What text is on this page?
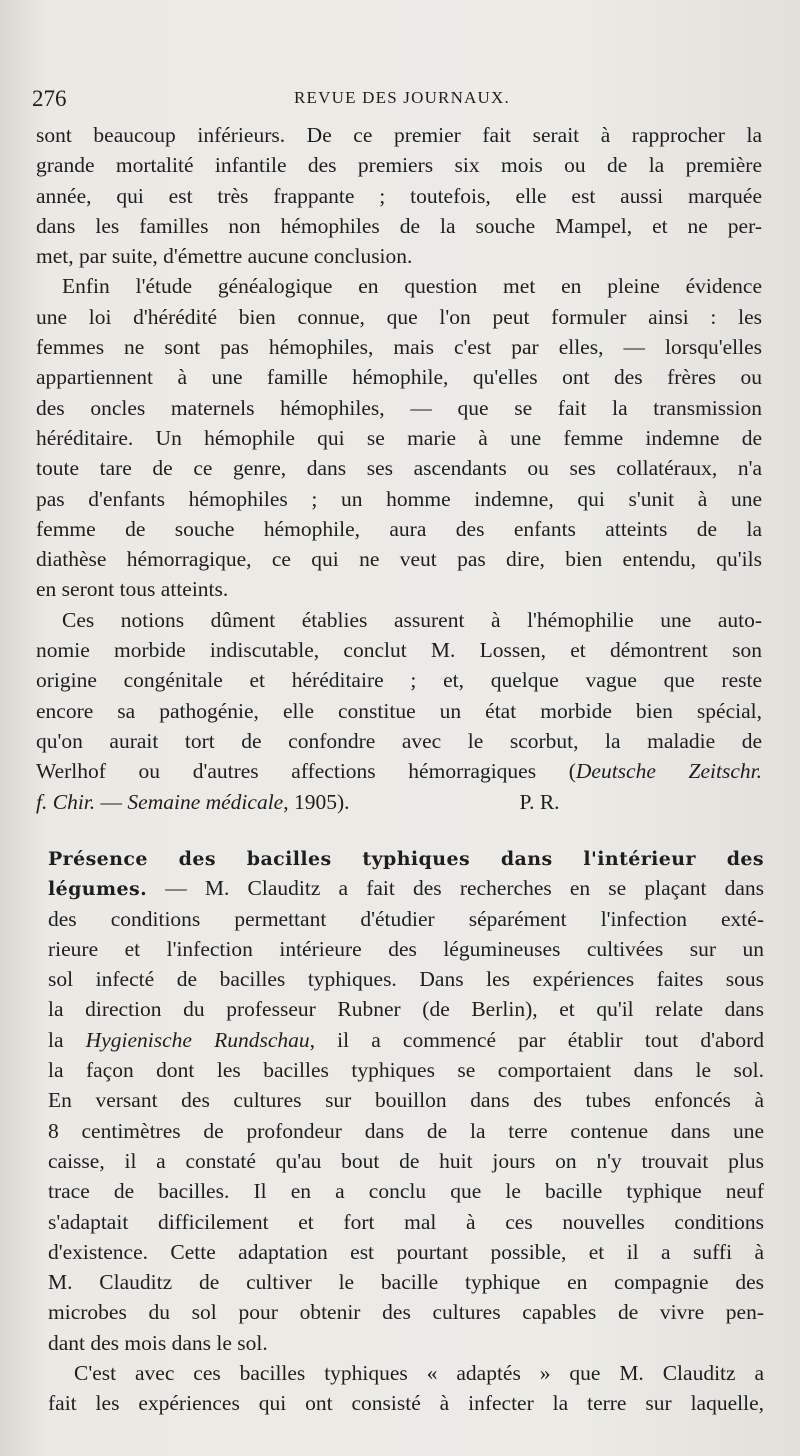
276	REVUE DES JOURNAUX.
sont beaucoup inférieurs. De ce premier fait serait à rapprocher la
grande mortalité infantile des premiers six mois ou de la première
année, qui est très frappante ; toutefois, elle est aussi marquée
dans les familles non hémophiles de la souche Mampel, et ne per-
met, par suite, d'émettre aucune conclusion.
Enfin l'étude généalogique en question met en pleine évidence
une loi d'hérédité bien connue, que l'on peut formuler ainsi : les
femmes ne sont pas hémophiles, mais c'est par elles, — lorsqu'elles
appartiennent à une famille hémophile, qu'elles ont des frères ou
des oncles maternels hémophiles, — que se fait la transmission
héréditaire. Un hémophile qui se marie à une femme indemne de
toute tare de ce genre, dans ses ascendants ou ses collatéraux, n'a
pas d'enfants hémophiles ; un homme indemne, qui s'unit à une
femme de souche hémophile, aura des enfants atteints de la
diathèse hémorragique, ce qui ne veut pas dire, bien entendu, qu'ils
en seront tous atteints.
Ces notions dûment établies assurent à l'hémophilie une auto-
nomie morbide indiscutable, conclut M. Lossen, et démontrent son
origine congénitale et héréditaire ; et, quelque vague que reste
encore sa pathogénie, elle constitue un état morbide bien spécial,
qu'on aurait tort de confondre avec le scorbut, la maladie de
Werlhof ou d'autres affections hémorragiques (Deutsche Zeitschr.
f. Chir. — Semaine médicale, 1905).	P. R.
Présence des bacilles typhiques dans l'intérieur des
légumes. — M. Clauditz a fait des recherches en se plaçant dans
des conditions permettant d'étudier séparément l'infection exté-
rieure et l'infection intérieure des légumineuses cultivées sur un
sol infecté de bacilles typhiques. Dans les expériences faites sous
la direction du professeur Rubner (de Berlin), et qu'il relate dans
la Hygienische Rundschau, il a commencé par établir tout d'abord
la façon dont les bacilles typhiques se comportaient dans le sol.
En versant des cultures sur bouillon dans des tubes enfoncés à
8 centimètres de profondeur dans de la terre contenue dans une
caisse, il a constaté qu'au bout de huit jours on n'y trouvait plus
trace de bacilles. Il en a conclu que le bacille typhique neuf
s'adaptait difficilement et fort mal à ces nouvelles conditions
d'existence. Cette adaptation est pourtant possible, et il a suffi à
M. Clauditz de cultiver le bacille typhique en compagnie des
microbes du sol pour obtenir des cultures capables de vivre pen-
dant des mois dans le sol.
C'est avec ces bacilles typhiques « adaptés » que M. Clauditz a
fait les expériences qui ont consisté à infecter la terre sur laquelle,
